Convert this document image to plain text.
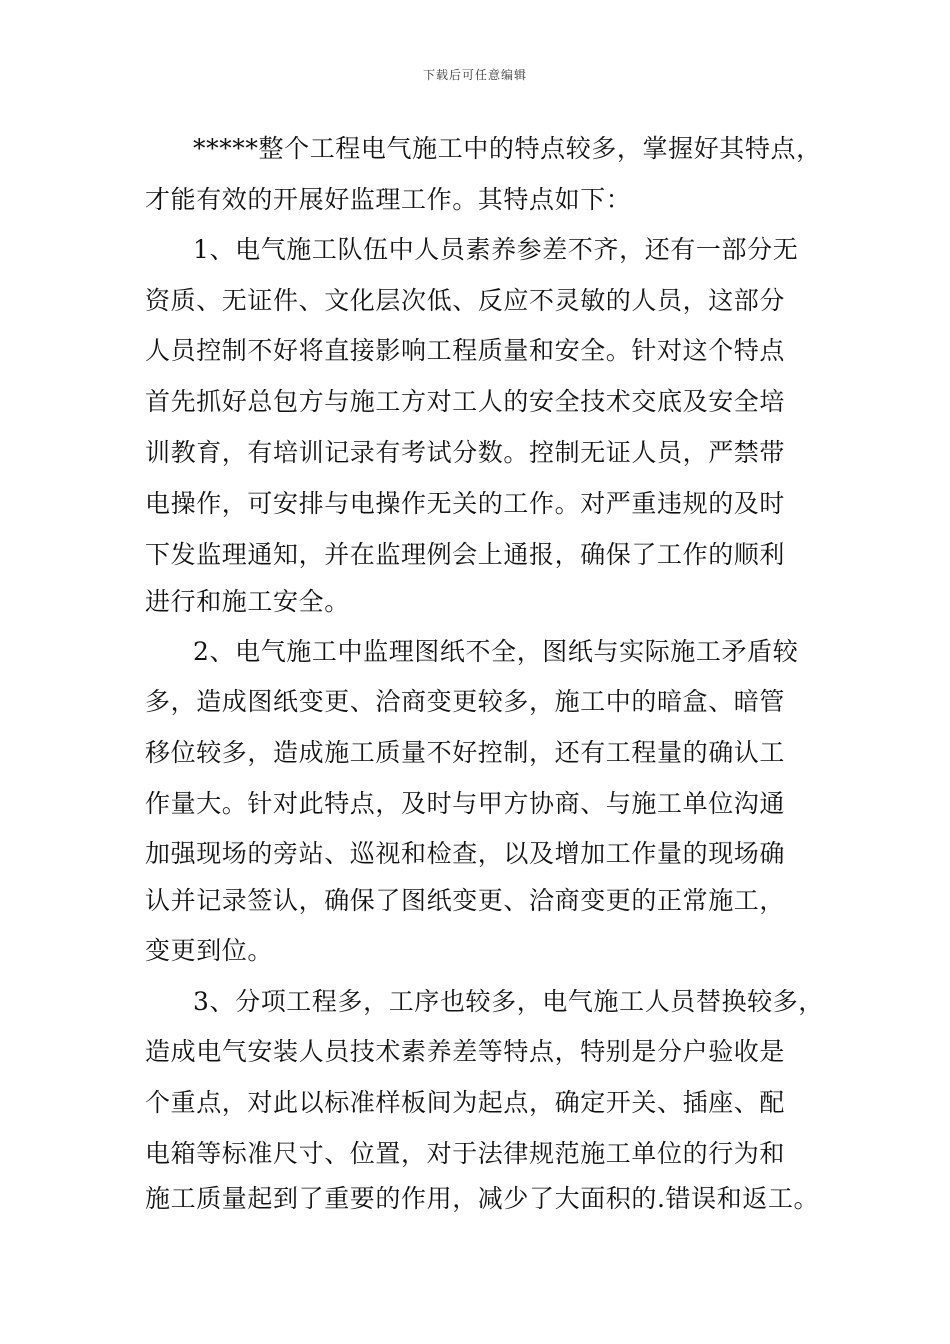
下载后可任意编辑
*****整个工程电气施工中的特点较多，掌握好其特点，
才能有效的开展好监理工作。其特点如下：
1、电气施工队伍中人员素养参差不齐，还有一部分无
资质、无证件、文化层次低、反应不灵敏的人员，这部分
人员控制不好将直接影响工程质量和安全。针对这个特点
首先抓好总包方与施工方对工人的安全技术交底及安全培
训教育，有培训记录有考试分数。控制无证人员，严禁带
电操作，可安排与电操作无关的工作。对严重违规的及时
下发监理通知，并在监理例会上通报，确保了工作的顺利
进行和施工安全。
2、电气施工中监理图纸不全，图纸与实际施工矛盾较
多，造成图纸变更、洽商变更较多，施工中的暗盒、暗管
移位较多，造成施工质量不好控制，还有工程量的确认工
作量大。针对此特点，及时与甲方协商、与施工单位沟通
加强现场的旁站、巡视和检查，以及增加工作量的现场确
认并记录签认，确保了图纸变更、洽商变更的正常施工，
变更到位。
3、分项工程多，工序也较多，电气施工人员替换较多，
造成电气安装人员技术素养差等特点，特别是分户验收是
个重点，对此以标准样板间为起点，确定开关、插座、配
电箱等标准尺寸、位置，对于法律规范施工单位的行为和
施工质量起到了重要的作用，减少了大面积的.错误和返工。
